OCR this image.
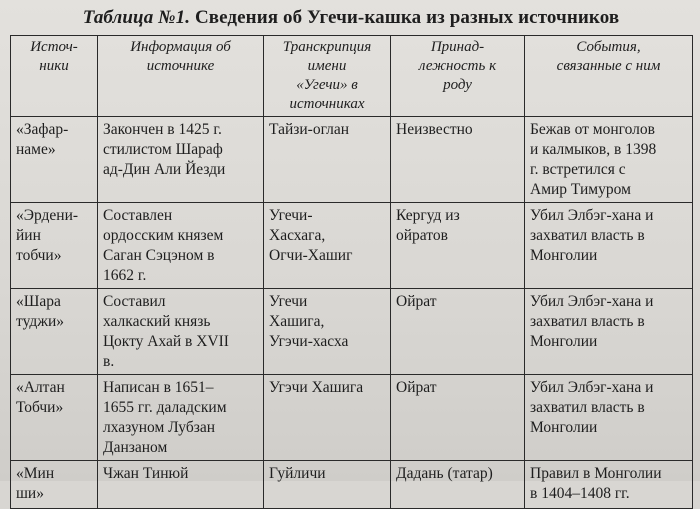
Таблица №1. Сведения об Угечи-кашка из разных источников
Источ-
ники	Информация об
источнике	Транскрипция
имени
«Угечи» в
источниках	Принад-
лежность к
роду	События,
связанные с ним

«Зафар-
наме»	Закончен в 1425 г.
стилистом Шараф
ад-Дин Али Йезди	Тайзи-оглан	Неизвестно	Бежав от монголов
и калмыков, в 1398
г. встретился с
Амир Тимуром

«Эрдени-
йин
тобчи»	Составлен
ордосским князем
Саган Сэцэном в
1662 г.	Угечи-
Хасхага,
Огчи-Хашиг	Кергуд из
ойратов	Убил Элбэг-хана и
захватил власть в
Монголии

«Шара
туджи»	Составил
халкаский князь
Цокту Ахай в XVII
в.	Угечи
Хашига,
Угэчи-хасха	Ойрат	Убил Элбэг-хана и
захватил власть в
Монголии

«Алтан
Тобчи»	Написан в 1651–
1655 гг. даладским
лхазуном Лубзан
Данзаном	Угэчи Хашига	Ойрат	Убил Элбэг-хана и
захватил власть в
Монголии

«Мин
ши»	Чжан Тинюй	Гуйличи	Дадань (татар)	Правил в Монголии
в 1404–1408 гг.
